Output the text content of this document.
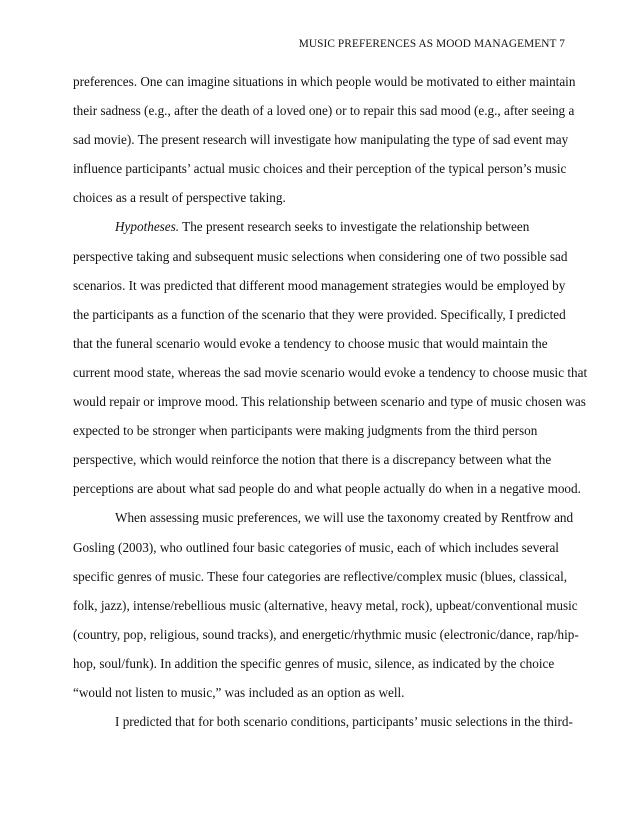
MUSIC PREFERENCES AS MOOD MANAGEMENT 7
preferences. One can imagine situations in which people would be motivated to either maintain
their sadness (e.g., after the death of a loved one) or to repair this sad mood (e.g., after seeing a
sad movie). The present research will investigate how manipulating the type of sad event may
influence participants’ actual music choices and their perception of the typical person’s music
choices as a result of perspective taking.
Hypotheses. The present research seeks to investigate the relationship between
perspective taking and subsequent music selections when considering one of two possible sad
scenarios. It was predicted that different mood management strategies would be employed by
the participants as a function of the scenario that they were provided. Specifically, I predicted
that the funeral scenario would evoke a tendency to choose music that would maintain the
current mood state, whereas the sad movie scenario would evoke a tendency to choose music that
would repair or improve mood. This relationship between scenario and type of music chosen was
expected to be stronger when participants were making judgments from the third person
perspective, which would reinforce the notion that there is a discrepancy between what the
perceptions are about what sad people do and what people actually do when in a negative mood.
When assessing music preferences, we will use the taxonomy created by Rentfrow and
Gosling (2003), who outlined four basic categories of music, each of which includes several
specific genres of music. These four categories are reflective/complex music (blues, classical,
folk, jazz), intense/rebellious music (alternative, heavy metal, rock), upbeat/conventional music
(country, pop, religious, sound tracks), and energetic/rhythmic music (electronic/dance, rap/hip-
hop, soul/funk). In addition the specific genres of music, silence, as indicated by the choice
“would not listen to music,” was included as an option as well.
I predicted that for both scenario conditions, participants’ music selections in the third-
